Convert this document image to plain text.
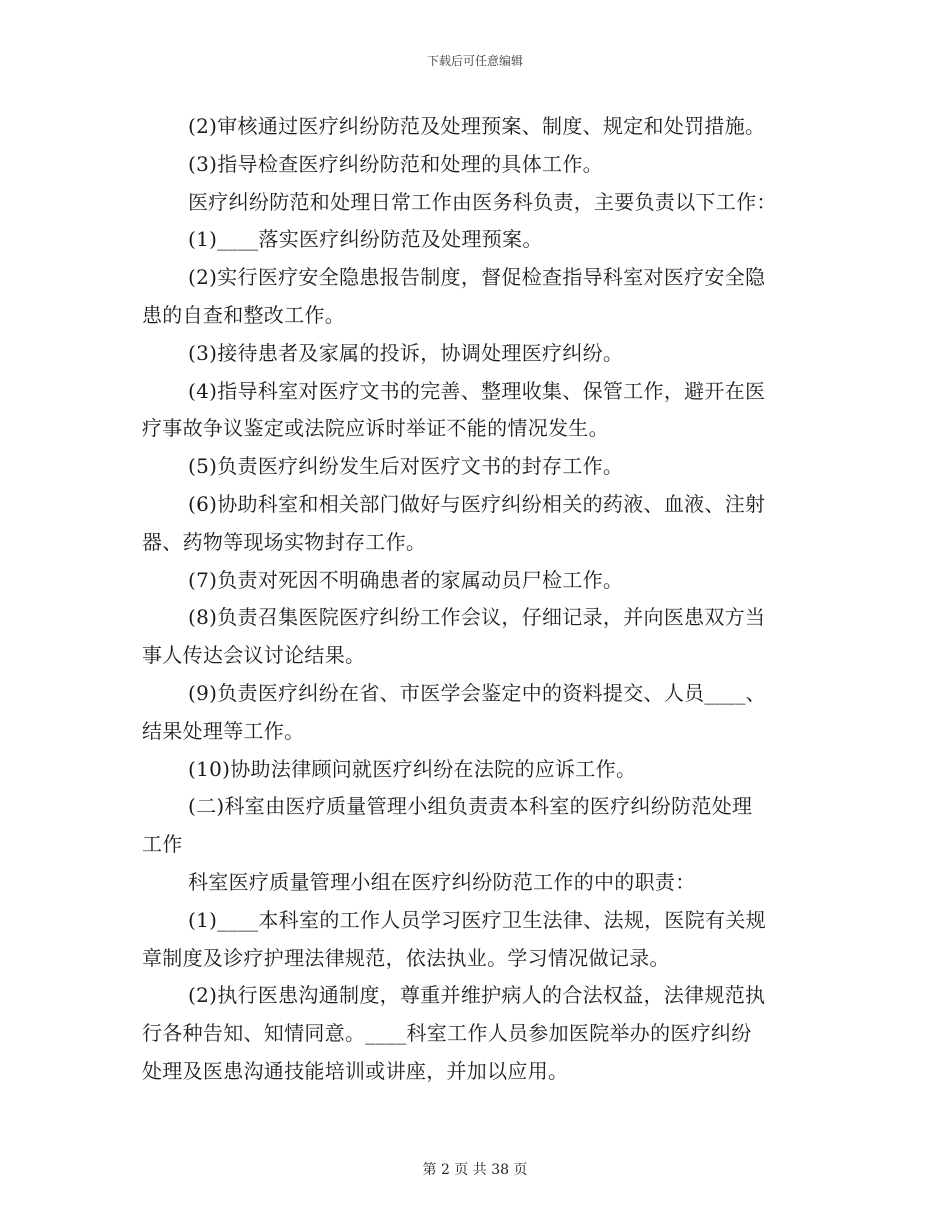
下载后可任意编辑
(2)审核通过医疗纠纷防范及处理预案、制度、规定和处罚措施。
(3)指导检查医疗纠纷防范和处理的具体工作。
医疗纠纷防范和处理日常工作由医务科负责，主要负责以下工作：
(1)____落实医疗纠纷防范及处理预案。
(2)实行医疗安全隐患报告制度，督促检查指导科室对医疗安全隐
患的自查和整改工作。
(3)接待患者及家属的投诉，协调处理医疗纠纷。
(4)指导科室对医疗文书的完善、整理收集、保管工作，避开在医
疗事故争议鉴定或法院应诉时举证不能的情况发生。
(5)负责医疗纠纷发生后对医疗文书的封存工作。
(6)协助科室和相关部门做好与医疗纠纷相关的药液、血液、注射
器、药物等现场实物封存工作。
(7)负责对死因不明确患者的家属动员尸检工作。
(8)负责召集医院医疗纠纷工作会议，仔细记录，并向医患双方当
事人传达会议讨论结果。
(9)负责医疗纠纷在省、市医学会鉴定中的资料提交、人员____、
结果处理等工作。
(10)协助法律顾问就医疗纠纷在法院的应诉工作。
(二)科室由医疗质量管理小组负责责本科室的医疗纠纷防范处理
工作
科室医疗质量管理小组在医疗纠纷防范工作的中的职责：
(1)____本科室的工作人员学习医疗卫生法律、法规，医院有关规
章制度及诊疗护理法律规范，依法执业。学习情况做记录。
(2)执行医患沟通制度，尊重并维护病人的合法权益，法律规范执
行各种告知、知情同意。____科室工作人员参加医院举办的医疗纠纷
处理及医患沟通技能培训或讲座，并加以应用。
第 2 页 共 38 页
